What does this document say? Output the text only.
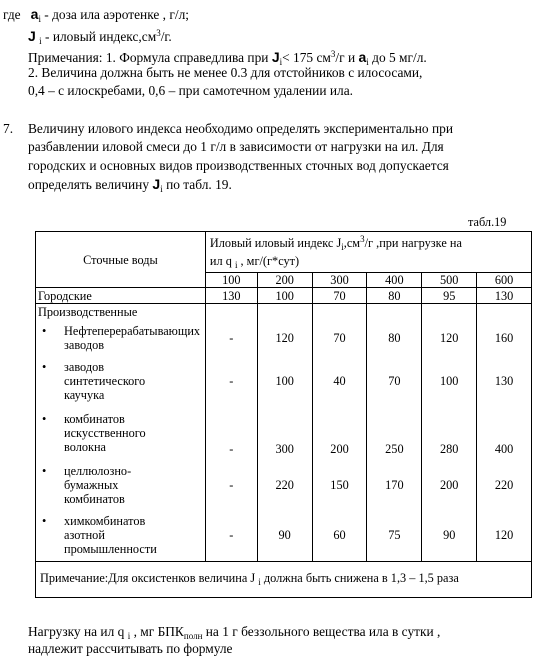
где $a_i$ - доза ила аэротенке , г/л;
J $_i$ - иловый $индекс,см^3/г$.
Примечания: 1. Формула справедлива при $J_i< 175$ $см^3/г$ и $a_i$ до 5 мг/л.
2. Величина должна быть не менее 0.3 для отстойников с илососами,
0,4 – с илоскребами, 0,6 – при самотечном удалении ила.
7. Величину илового индекса необходимо определять экспериментально при
разбавлении иловой смеси до 1 г/л в зависимости от нагрузки на ил. Для
городских и основных видов производственных сточных вод допускается
определять величину $J_i$ по табл. 19.
табл.19
Сточные воды	Иловый иловый индекс $J_i,см^3/г$ ,при нагрузке на
ил q $_i$ , мг/(г*сут)					
	100	200	300	400	500	600
Городские	130	100	70	80	95	130
Производственные						

• Нефтеперерабатывающих заводов	-	120	70	80	120	160

• заводов синтетического каучука	-	100	40	70	100	130

• комбинатов искусственного волокна	-	300	200	250	280	400

• целлюлозно-бумажных комбинатов	-	220	150	170	200	220

• химкомбинатов азотной промышленности	-	90	60	75	90	120
Примечание:Для оксистенков величина J $_i$ должна быть снижена в 1,3 – 1,5 раза						
Нагрузку на ил q $_i$ , мг $БПК_{полн}$ на 1 г беззольного вещества ила в сутки ,
надлежит рассчитывать по формуле
